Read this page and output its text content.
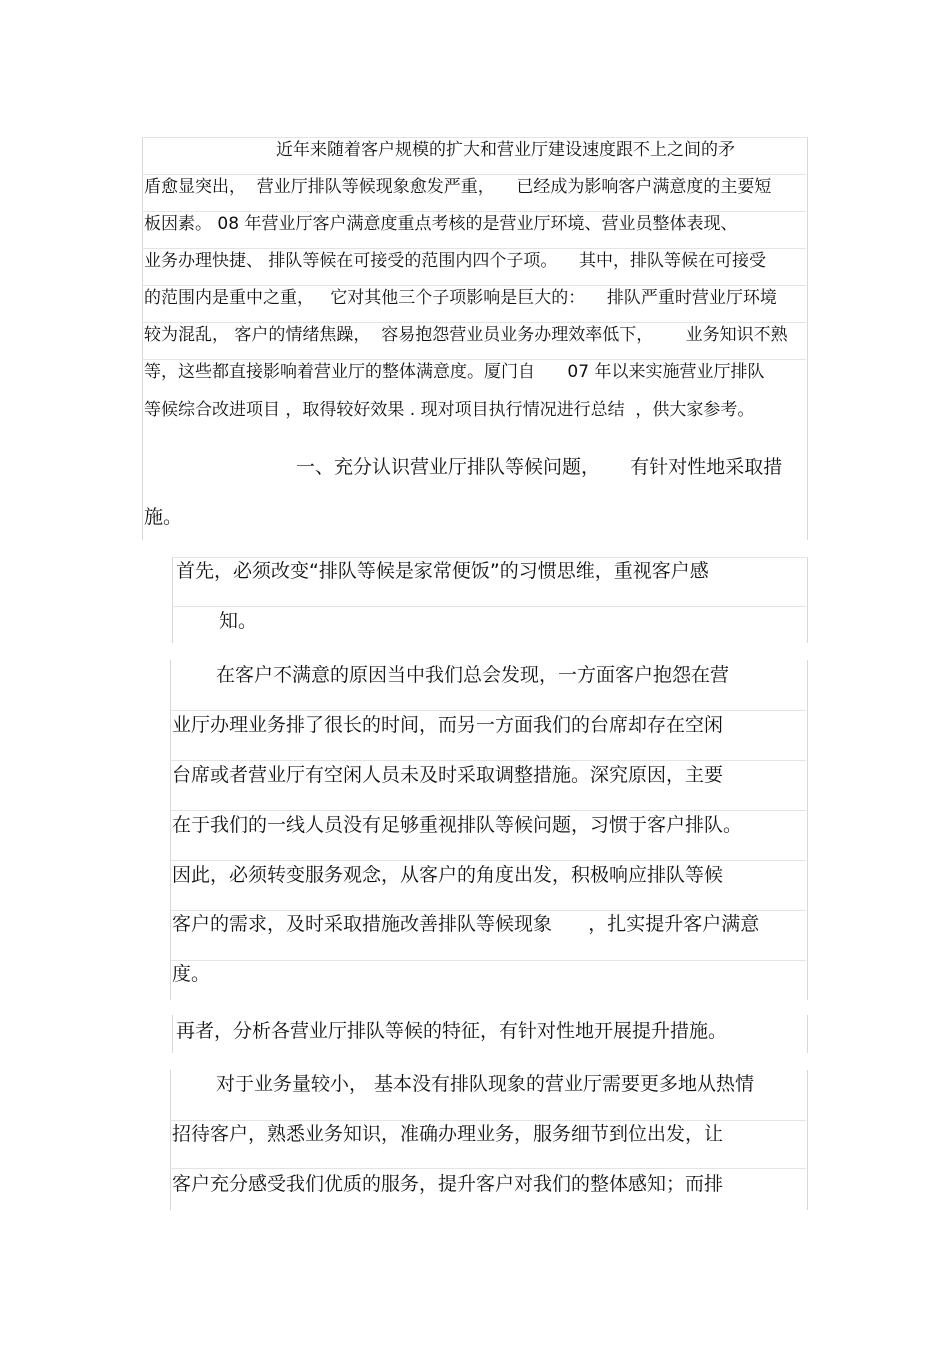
近年来随着客户规模的扩大和营业厅建设速度跟不上之间的矛
盾愈显突出，  营业厅排队等候现象愈发严重，    已经成为影响客户满意度的主要短
板因素。 08 年营业厅客户满意度重点考核的是营业厅环境、营业员整体表现、
业务办理快捷、 排队等候在可接受的范围内四个子项。    其中，排队等候在可接受
的范围内是重中之重，   它对其他三个子项影响是巨大的：    排队严重时营业厅环境
较为混乱， 客户的情绪焦躁，  容易抱怨营业员业务办理效率低下，      业务知识不熟
等，这些都直接影响着营业厅的整体满意度。厦门自      07 年以来实施营业厅排队
等候综合改进项目 ，取得较好效果 . 现对项目执行情况进行总结  ，供大家参考。
一、充分认识营业厅排队等候问题，     有针对性地采取措
施。
首先，必须改变“排队等候是家常便饭”的习惯思维，重视客户感
知。
在客户不满意的原因当中我们总会发现，一方面客户抱怨在营
业厅办理业务排了很长的时间，而另一方面我们的台席却存在空闲
台席或者营业厅有空闲人员未及时采取调整措施。深究原因，主要
在于我们的一线人员没有足够重视排队等候问题，习惯于客户排队。
因此，必须转变服务观念，从客户的角度出发，积极响应排队等候
客户的需求，及时采取措施改善排队等候现象      ，扎实提升客户满意
度。
再者，分析各营业厅排队等候的特征，有针对性地开展提升措施。
对于业务量较小， 基本没有排队现象的营业厅需要更多地从热情
招待客户，熟悉业务知识，准确办理业务，服务细节到位出发，让
客户充分感受我们优质的服务，提升客户对我们的整体感知；而排
